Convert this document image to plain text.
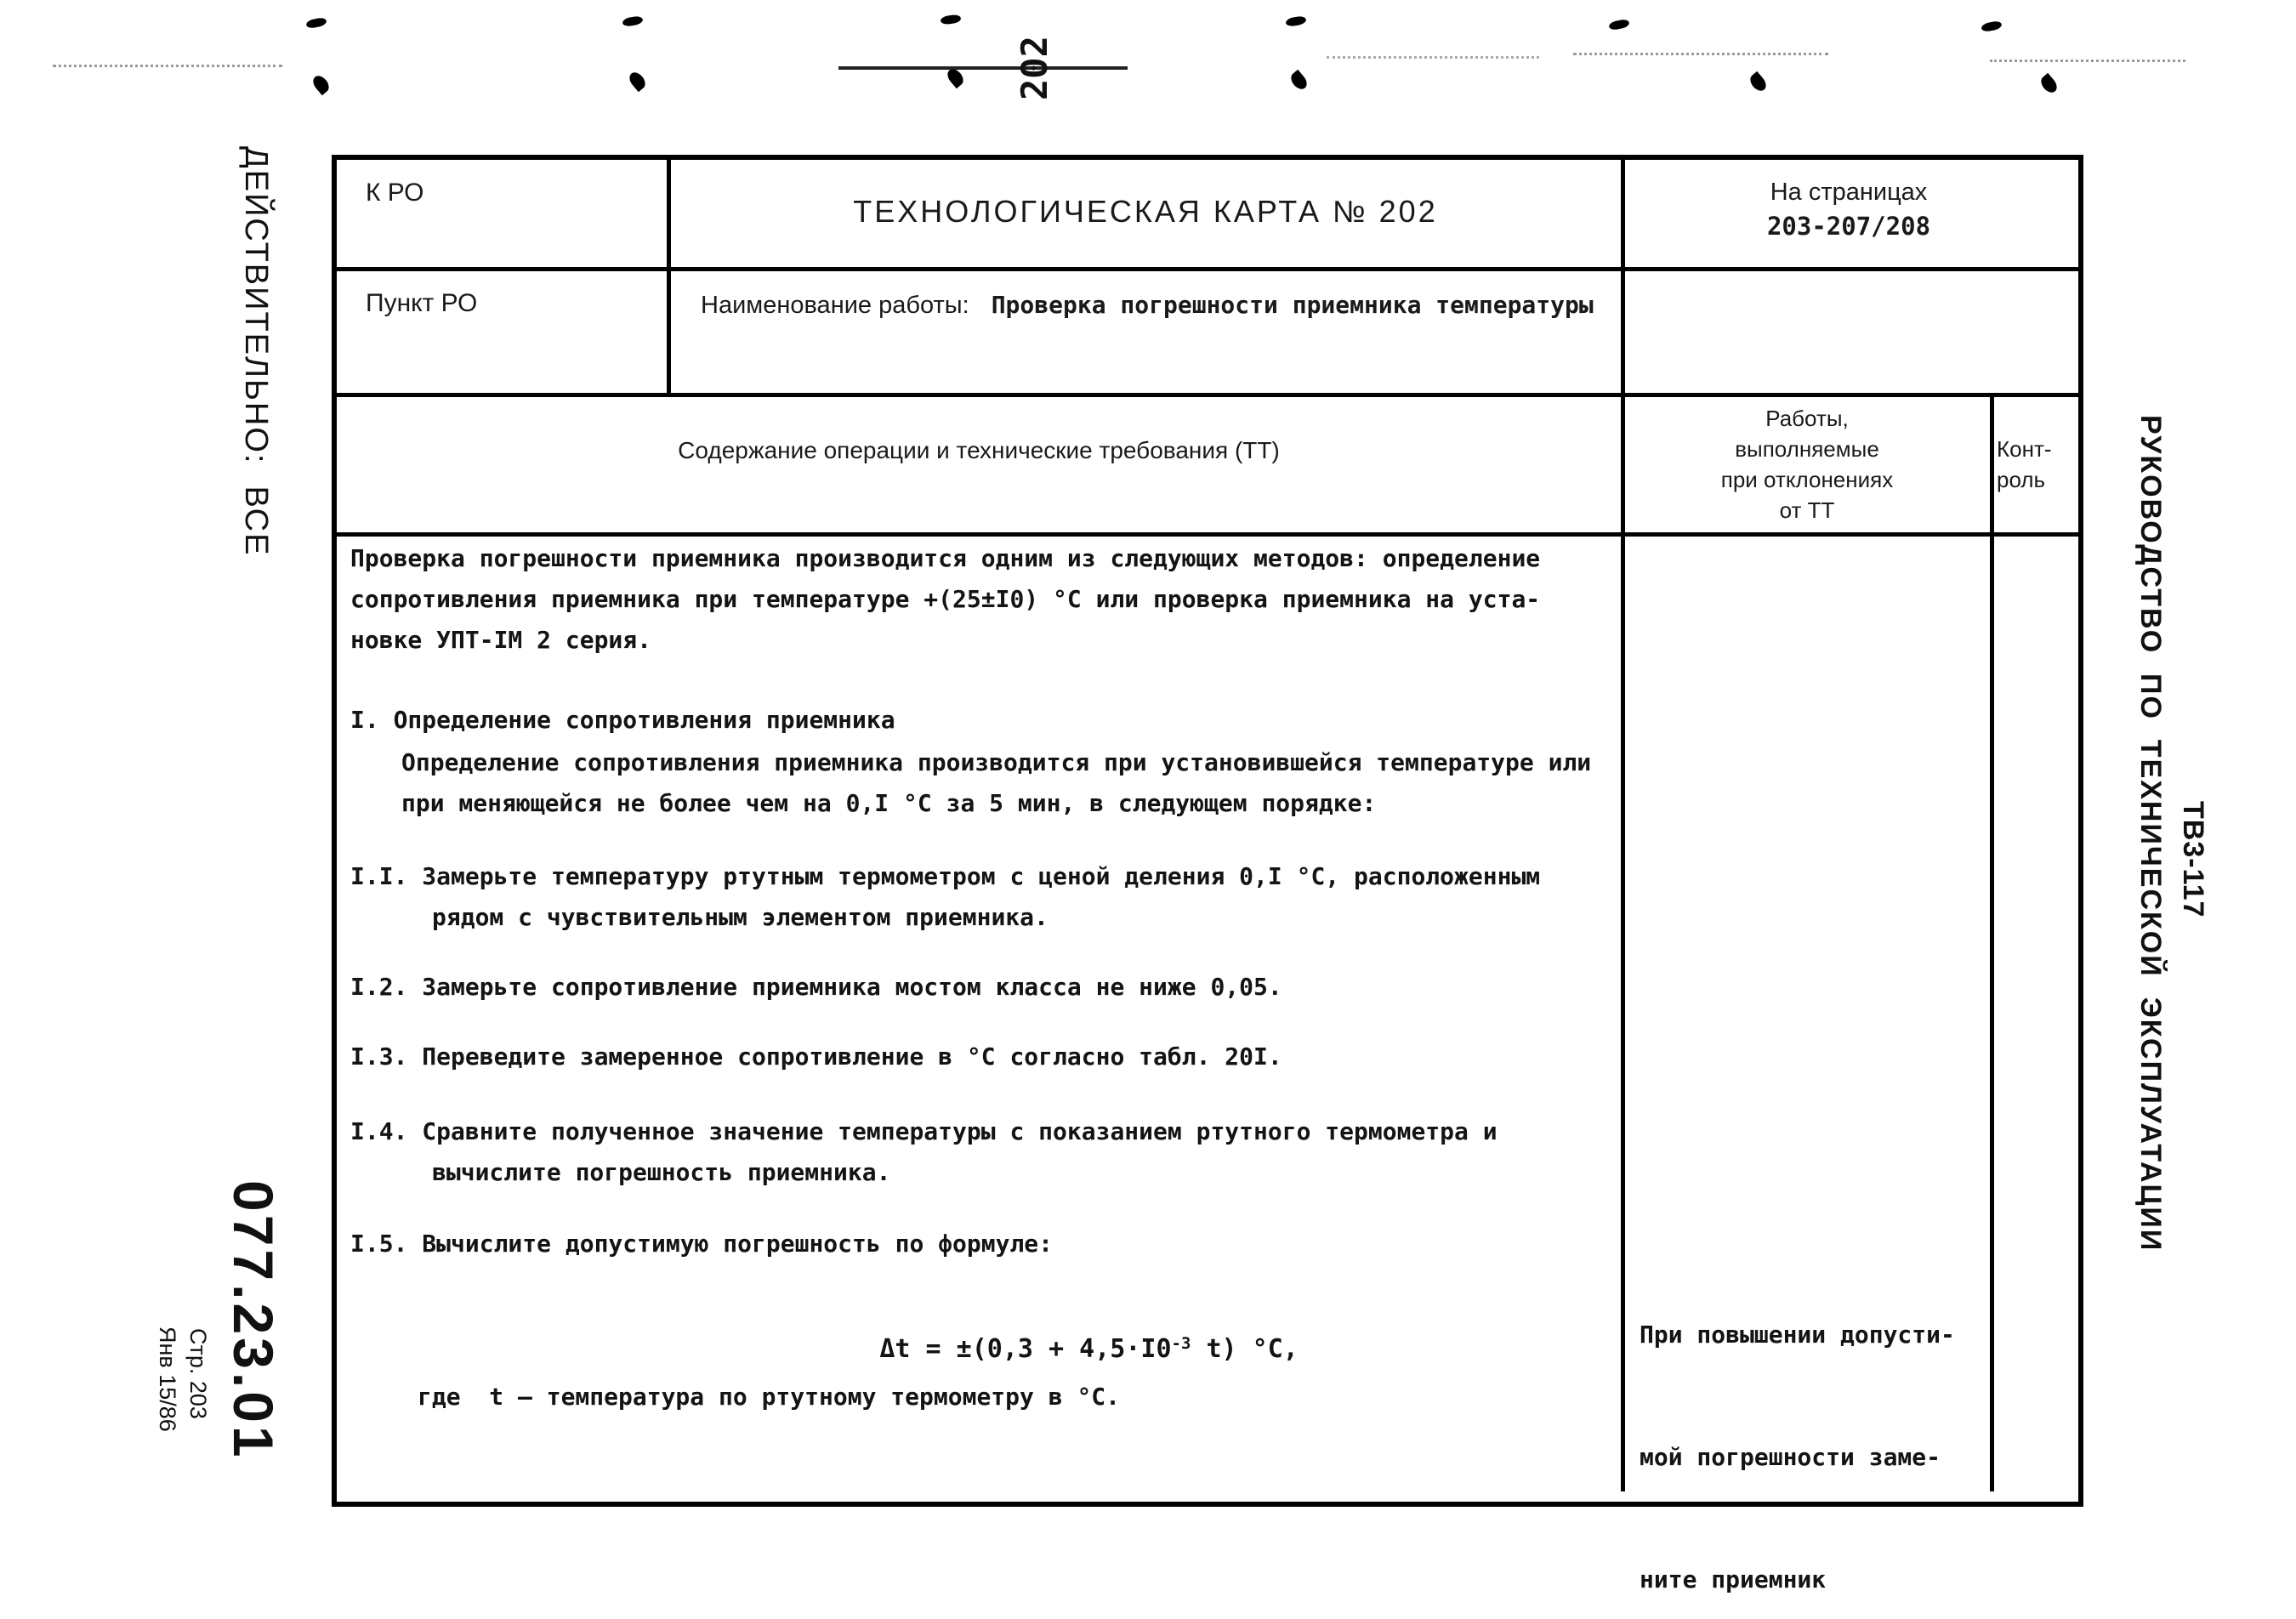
202
ДЕЙСТВИТЕЛЬНО:  ВСЕ
077.23.01
Стр. 203
Янв 15/86
РУКОВОДСТВО  ПО  ТЕХНИЧЕСКОЙ  ЭКСПЛУАТАЦИИ ТВ3-117
К РО
ТЕХНОЛОГИЧЕСКАЯ КАРТА № 202
На страницах
203-207/208
Пункт РО	Наименование работы: Проверка погрешности приемника температуры
Содержание операции и технические требования (ТТ)
Работы,
выполняемые
при отклонениях
от ТТ
Конт-
роль
Проверка погрешности приемника производится одним из следующих методов: определение
сопротивления приемника при температуре +(25±I0) °С или проверка приемника на уста-
новке УПТ-IМ 2 серия.
I. Определение сопротивления приемника
Определение сопротивления приемника производится при установившейся температуре или
при меняющейся не более чем на 0,I °С за 5 мин, в следующем порядке:
I.I. Замерьте температуру ртутным термометром с ценой деления 0,I °С, расположенным
рядом с чувствительным элементом приемника.
I.2. Замерьте сопротивление приемника мостом класса не ниже 0,05.
I.3. Переведите замеренное сопротивление в °С согласно табл. 20I.
I.4. Сравните полученное значение температуры с показанием ртутного термометра и
вычислите погрешность приемника.
I.5. Вычислите допустимую погрешность по формуле:

$\Delta t = \pm(0,3 + 4,5\cdot I0^{-3}$ t) °С,

где  t – температура по ртутному термометру в °С.

При повышении допусти-

мой погрешности заме-

ните приемник
